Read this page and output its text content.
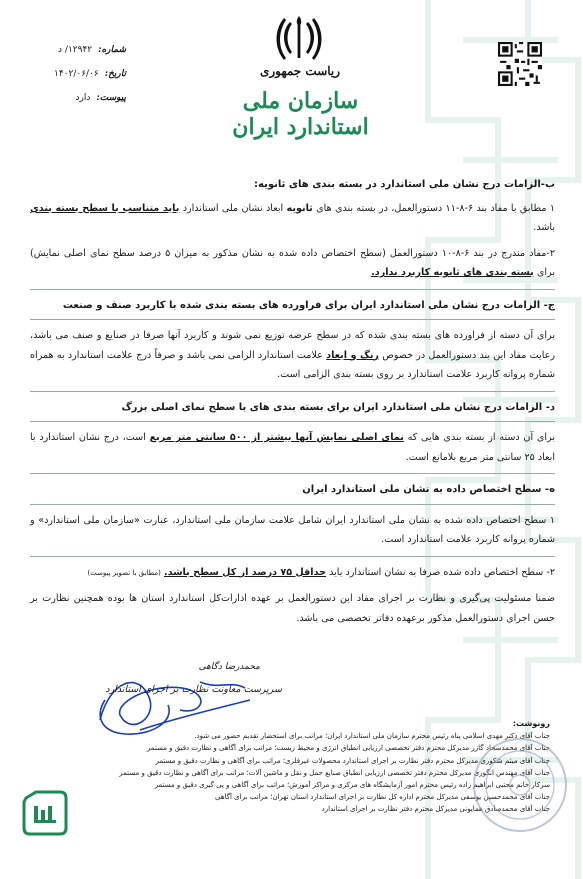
ریاست جمهوری
سازمان ملی استاندارد ایران
شماره:
۱۲۹۴۲/ د
تاریخ:
۱۴۰۲/۰۶/۰۶
پیوست:
دارد
ب-الزامات درج نشان ملی استاندارد در بسته بندی های ثانویه:

۱ مطابق با مفاد بند ۶-۸-۱۱ دستورالعمل، در بسته بندی های ثانویه ابعاد نشان ملی استاندارد باید متناسب با سطح بسته بندی باشد.

۲-مفاد مندرج در بند ۶-۸-۱۰ دستورالعمل (سطح اختصاص داده شده به نشان مذکور به میزان ۵ درصد سطح نمای اصلی نمایش) برای بسته بندی های ثانویه کاربرد ندارد.

ج- الزامات درج نشان ملی استاندارد ایران برای فراورده های بسته بندی شده با کاربرد صنف و صنعت

برای آن دسته از فراورده های بسته بندی شده که در سطح عرضه توزیع نمی شوند و کاربرد آنها صرفا در صنایع و صنف می باشد، رعایت مفاد این بند دستورالعمل در خصوص رنگ و ابعاد علامت استاندارد الزامی نمی باشد و صرفاً درج علامت استاندارد به همراه شماره پروانه کاربرد علامت استاندارد بر روی بسته بندی الزامی است.

د- الزامات درج نشان ملی استاندارد ایران برای بسته بندی های با سطح نمای اصلی بزرگ

برای آن دسته از بسته بندی هایی که نمای اصلی نمایش آنها بیشتر از ۵۰۰ سانتی متر مربع است، درج نشان استاندارد با ابعاد ۲۵ سانتی متر مربع بلامانع است.

ه- سطح اختصاص داده به نشان ملی استاندارد ایران

۱ سطح اختصاص داده شده به نشان ملی استاندارد ایران شامل علامت سازمان ملی استاندارد، عبارت «سازمان ملی استاندارد» و شماره پروانه کاربرد علامت استاندارد است.

۲- سطح اختصاص داده شده صرفا به نشان استاندارد باید حداقل ۷۵ درصد از کل سطح باشد. (مطابق با تصویر پیوست)

ضمنا مسئولیت پی‌گیری و نظارت بر اجرای مفاد این دستورالعمل بر عهده ادارات‌کل استاندارد استان ها بوده همچنین نظارت بر حسن اجرای دستورالعمل مذکور برعهده دفاتر تخصصی می باشد.

محمدرضا دگاهی
سرپرست معاونت نظارت بر اجرای استاندارد
رونوشت:
جناب آقای دکتر مهدی اسلامی پناه رئیس محترم سازمان ملی استاندارد ایران؛ مراتب برای استحضار تقدیم حضور می شود.
جناب آقای محمدسجاد گازر مدیرکل محترم دفتر تخصصی ارزیابی انطباق انرژی و محیط زیست؛ مراتب برای آگاهی و نظارت دقیق و مستمر
جناب آقای میثم شکوری مدیرکل محترم دفتر نظارت بر اجرای استاندارد محصولات غیرفلزی؛ مراتب برای آگاهی و نظارت دقیق و مستمر
جناب آقای مهندس انگوری مدیرکل محترم دفتر تخصصی ارزیابی انطباق صنایع حمل و نقل و ماشین آلات؛ مراتب برای آگاهی و نظارت دقیق و مستمر
سرکار خانم مجتبی ابراهیم زاده رئیس محترم امور آزمایشگاه های مرکزی و مراکز آموزش؛ مراتب برای آگاهی و پی گیری دقیق و مستمر
جناب آقای محمدحسین یوسفی مدیرکل محترم اداره کل نظارت بر اجرای استاندارد استان تهران؛ مراتب برای آگاهی
جناب آقای محمدصادق همایونی مدیرکل محترم دفتر نظارت بر اجرای استاندارد
